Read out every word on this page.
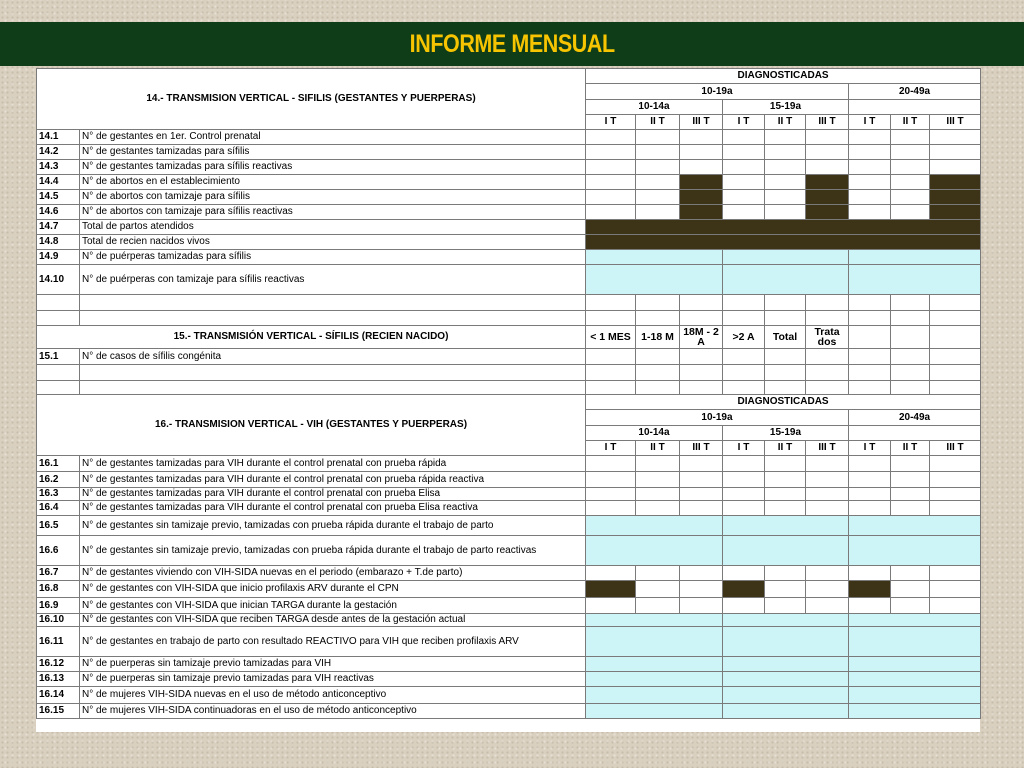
INFORME MENSUAL
14.- TRANSMISION VERTICAL - SIFILIS (GESTANTES Y PUERPERAS)		DIAGNOSTICADAS								
		10-19a						20-49a		
		10-14a			15-19a					
		I T	II T	III T	I T	II T	III T	I T	II T	III T
14.1	N° de gestantes en 1er. Control prenatal									
14.2	N° de gestantes tamizadas para sífilis									
14.3	N° de gestantes tamizadas para sífilis reactivas									
14.4	N° de abortos en el establecimiento									
14.5	N° de abortos con tamizaje para sífilis									
14.6	N° de abortos con tamizaje para sífilis reactivas									
14.7	Total de partos atendidos									
14.8	Total de recien nacidos vivos									
14.9	N° de puérperas tamizadas para sífilis									
14.10	N° de puérperas con tamizaje para sífilis reactivas									

15.- TRANSMISIÓN VERTICAL - SÍFILIS (RECIEN NACIDO)		< 1 MES	1-18 M	18M - 2 A	>2 A	Total	Trata dos			
15.1	N° de casos de sífilis congénita									

16.- TRANSMISION VERTICAL - VIH (GESTANTES Y PUERPERAS)		DIAGNOSTICADAS								
		10-19a						20-49a		
		10-14a			15-19a					
		I T	II T	III T	I T	II T	III T	I T	II T	III T
16.1	N° de gestantes tamizadas para VIH durante el control prenatal con prueba rápida									
16.2	N° de gestantes tamizadas para VIH durante el control prenatal con prueba rápida reactiva									
16.3	N° de gestantes tamizadas para VIH durante el control prenatal con prueba Elisa									
16.4	N° de gestantes tamizadas para VIH durante el control prenatal con prueba Elisa reactiva									
16.5	N° de gestantes sin tamizaje previo, tamizadas con prueba rápida durante el trabajo de parto									
16.6	N° de gestantes sin tamizaje previo, tamizadas con prueba rápida durante el trabajo de parto reactivas									
16.7	N° de gestantes viviendo con VIH-SIDA nuevas en el periodo (embarazo + T.de parto)									
16.8	N° de gestantes con VIH-SIDA que inicio profilaxis ARV durante el CPN									
16.9	N° de gestantes con VIH-SIDA que inician TARGA durante la gestación									
16.10	N° de gestantes con VIH-SIDA que reciben TARGA desde antes de la gestación actual									
16.11	N° de gestantes en trabajo de parto con resultado REACTIVO para VIH que reciben profilaxis ARV									
16.12	N° de puerperas sin tamizaje previo tamizadas para VIH									
16.13	N° de puerperas sin tamizaje previo tamizadas para VIH reactivas									
16.14	N° de mujeres VIH-SIDA nuevas en el uso de método anticonceptivo									
16.15	N° de mujeres VIH-SIDA continuadoras en el uso de método anticonceptivo									
